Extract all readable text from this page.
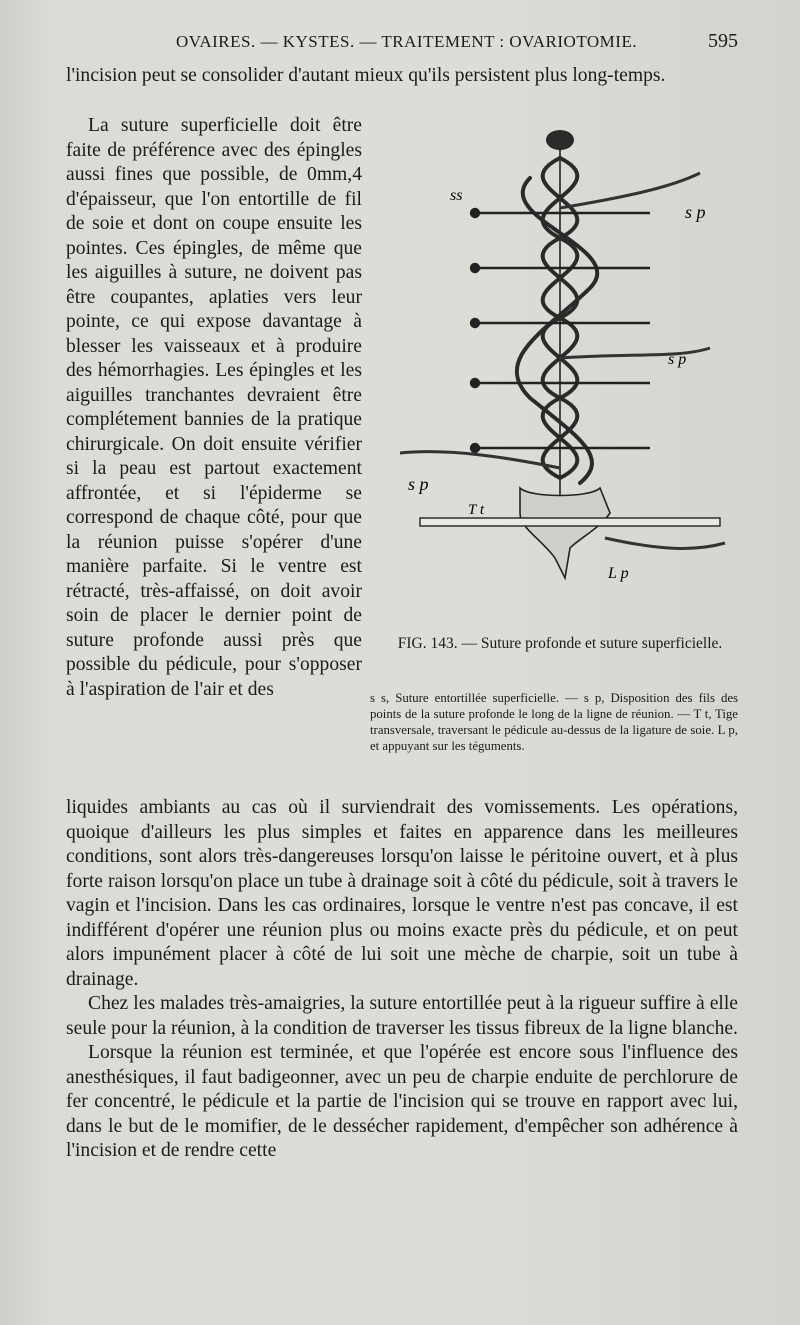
OVAIRES. — KYSTES. — TRAITEMENT : OVARIOTOMIE.	595

l'incision peut se consolider d'autant mieux qu'ils persistent plus long-temps.

La suture superficielle doit être faite de préférence avec des épingles aussi fines que possible, de 0mm,4 d'épaisseur, que l'on entortille de fil de soie et dont on coupe ensuite les pointes. Ces épingles, de même que les aiguilles à suture, ne doivent pas être coupantes, aplaties vers leur pointe, ce qui expose davantage à blesser les vaisseaux et à produire des hémorrhagies. Les épingles et les aiguilles tranchantes devraient être complétement bannies de la pratique chirurgicale. On doit ensuite vérifier si la peau est partout exactement affrontée, et si l'épiderme se correspond de chaque côté, pour que la réunion puisse s'opérer d'une manière parfaite. Si le ventre est rétracté, très-affaissé, on doit avoir soin de placer le dernier point de suture profonde aussi près que possible du pédicule, pour s'opposer à l'aspiration de l'air et des

ss
s p
s p
s p
T t
L p
FIG. 143. — Suture profonde et suture superficielle.
s s, Suture entortillée superficielle. — s p, Disposition des fils des points de la suture profonde le long de la ligne de réunion. — T t, Tige transversale, traversant le pédicule au-dessus de la ligature de soie. L p, et appuyant sur les téguments.

liquides ambiants au cas où il surviendrait des vomissements. Les opérations, quoique d'ailleurs les plus simples et faites en apparence dans les meilleures conditions, sont alors très-dangereuses lorsqu'on laisse le péritoine ouvert, et à plus forte raison lorsqu'on place un tube à drainage soit à côté du pédicule, soit à travers le vagin et l'incision. Dans les cas ordinaires, lorsque le ventre n'est pas concave, il est indifférent d'opérer une réunion plus ou moins exacte près du pédicule, et on peut alors impunément placer à côté de lui soit une mèche de charpie, soit un tube à drainage.

Chez les malades très-amaigries, la suture entortillée peut à la rigueur suffire à elle seule pour la réunion, à la condition de traverser les tissus fibreux de la ligne blanche.

Lorsque la réunion est terminée, et que l'opérée est encore sous l'influence des anesthésiques, il faut badigeonner, avec un peu de charpie enduite de perchlorure de fer concentré, le pédicule et la partie de l'incision qui se trouve en rapport avec lui, dans le but de le momifier, de le dessécher rapidement, d'empêcher son adhérence à l'incision et de rendre cette
